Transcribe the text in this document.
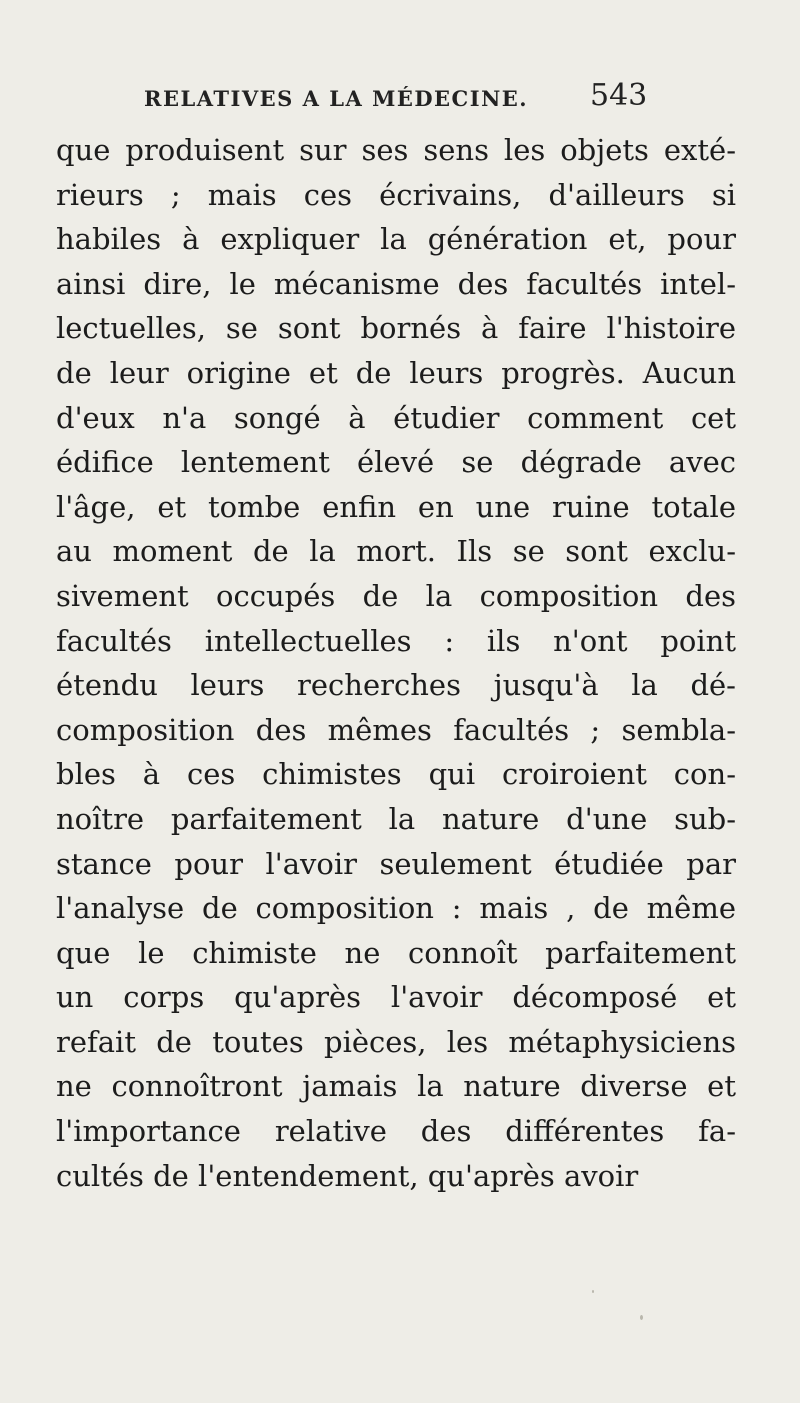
RELATIVES A LA MÉDECINE.	543
que produisent sur ses sens les objets exté-
rieurs ; mais ces écrivains, d'ailleurs si
habiles à expliquer la génération et, pour
ainsi dire, le mécanisme des facultés intel-
lectuelles, se sont bornés à faire l'histoire
de leur origine et de leurs progrès. Aucun
d'eux n'a songé à étudier comment cet
édifice lentement élevé se dégrade avec
l'âge, et tombe enfin en une ruine totale
au moment de la mort. Ils se sont exclu-
sivement occupés de la composition des
facultés intellectuelles : ils n'ont point
étendu leurs recherches jusqu'à la dé-
composition des mêmes facultés ; sembla-
bles à ces chimistes qui croiroient con-
noître parfaitement la nature d'une sub-
stance pour l'avoir seulement étudiée par
l'analyse de composition : mais , de même
que le chimiste ne connoît parfaitement
un corps qu'après l'avoir décomposé et
refait de toutes pièces, les métaphysiciens
ne connoîtront jamais la nature diverse et
l'importance relative des différentes fa-
cultés de l'entendement, qu'après avoir
